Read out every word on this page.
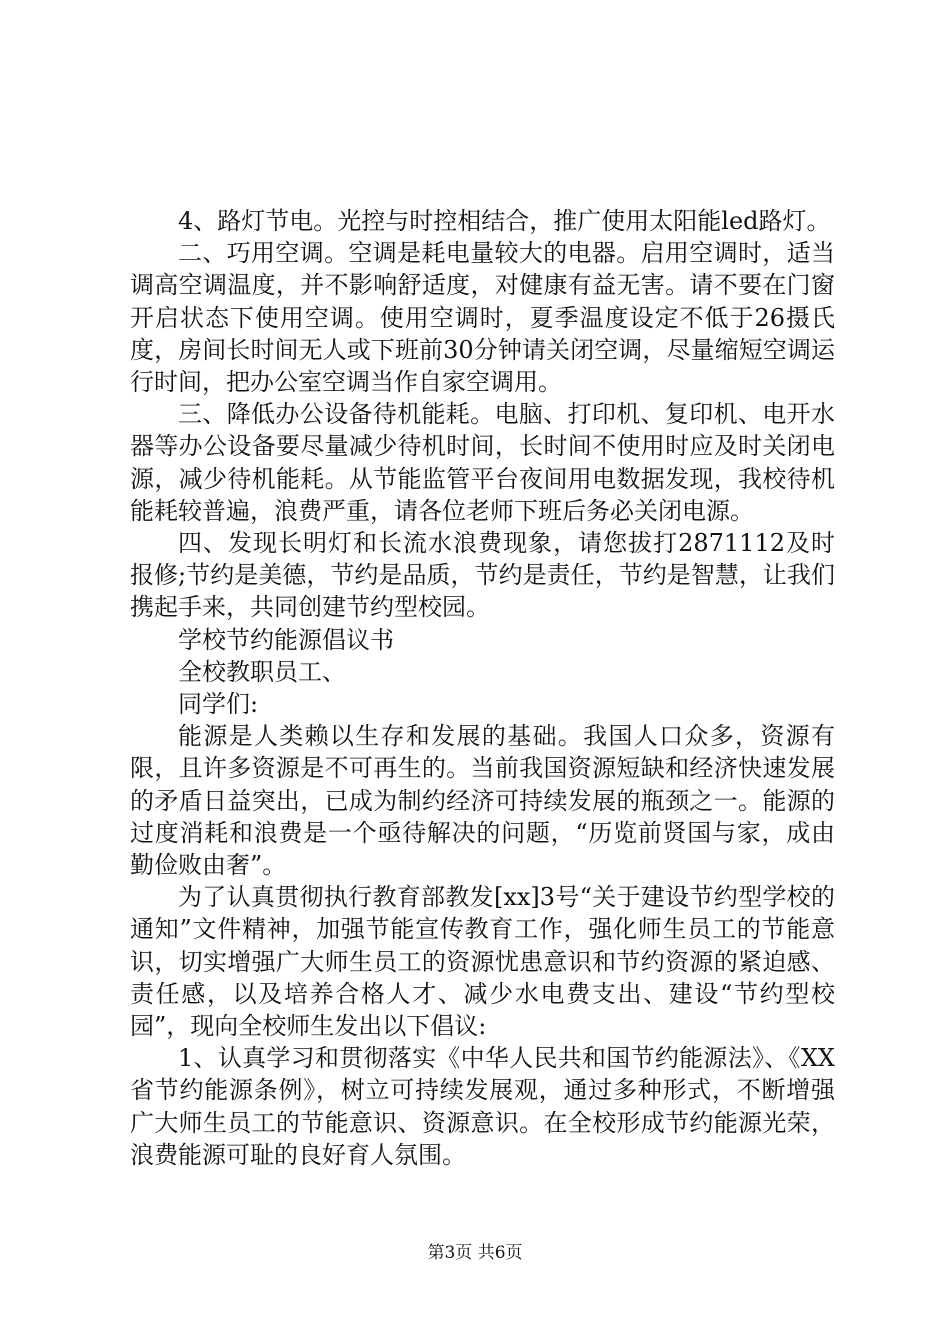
4、路灯节电。光控与时控相结合，推广使用太阳能led路灯。

二、巧用空调。空调是耗电量较大的电器。启用空调时，适当调高空调温度，并不影响舒适度，对健康有益无害。请不要在门窗开启状态下使用空调。使用空调时，夏季温度设定不低于26摄氏度，房间长时间无人或下班前30分钟请关闭空调，尽量缩短空调运行时间，把办公室空调当作自家空调用。

三、降低办公设备待机能耗。电脑、打印机、复印机、电开水器等办公设备要尽量减少待机时间，长时间不使用时应及时关闭电源，减少待机能耗。从节能监管平台夜间用电数据发现，我校待机能耗较普遍，浪费严重，请各位老师下班后务必关闭电源。

四、发现长明灯和长流水浪费现象，请您拔打2871112及时报修;节约是美德，节约是品质，节约是责任，节约是智慧，让我们携起手来，共同创建节约型校园。

学校节约能源倡议书

全校教职员工、

同学们:

能源是人类赖以生存和发展的基础。我国人口众多，资源有限，且许多资源是不可再生的。当前我国资源短缺和经济快速发展的矛盾日益突出，已成为制约经济可持续发展的瓶颈之一。能源的过度消耗和浪费是一个亟待解决的问题，“历览前贤国与家，成由勤俭败由奢”。

为了认真贯彻执行教育部教发[xx]3号“关于建设节约型学校的通知”文件精神，加强节能宣传教育工作，强化师生员工的节能意识，切实增强广大师生员工的资源忧患意识和节约资源的紧迫感、责任感，以及培养合格人才、减少水电费支出、建设“节约型校园”，现向全校师生发出以下倡议:

1、认真学习和贯彻落实《中华人民共和国节约能源法》、《XX省节约能源条例》，树立可持续发展观，通过多种形式，不断增强广大师生员工的节能意识、资源意识。在全校形成节约能源光荣，浪费能源可耻的良好育人氛围。

第3页 共6页
